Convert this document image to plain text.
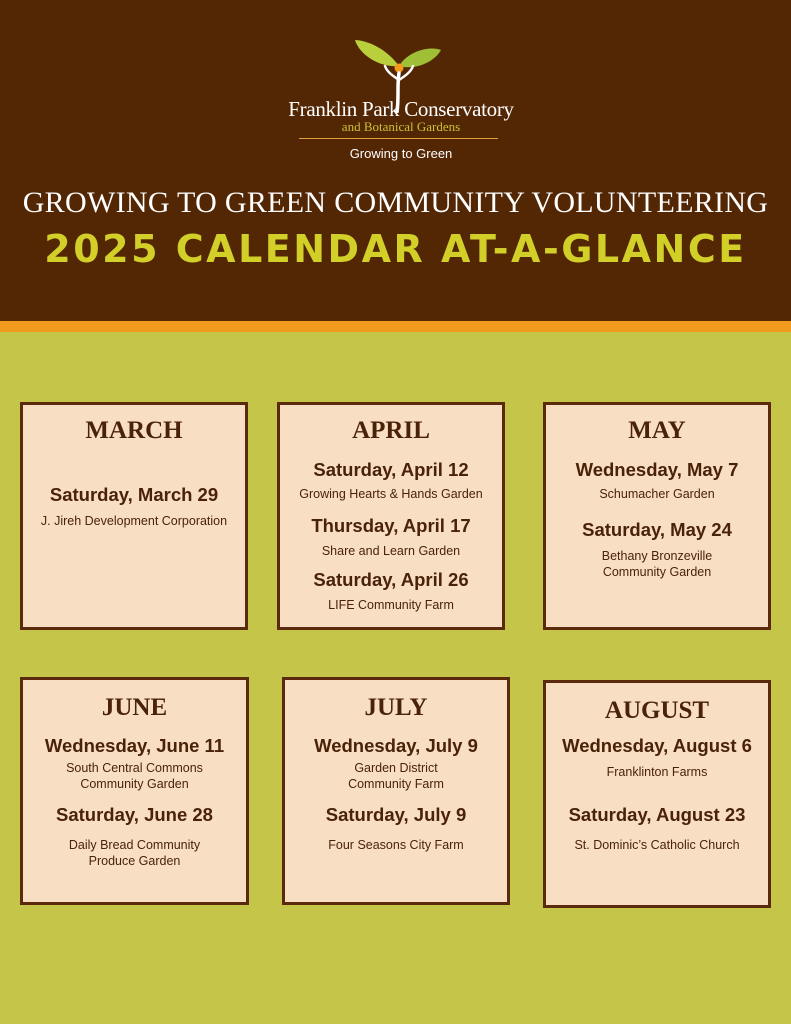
Franklin Park Conservatory
and Botanical Gardens
Growing to Green
GROWING TO GREEN COMMUNITY VOLUNTEERING
2025 CALENDAR AT-A-GLANCE
MARCH
Saturday, March 29
J. Jireh Development Corporation
APRIL
Saturday, April 12
Growing Hearts & Hands Garden
Thursday, April 17
Share and Learn Garden
Saturday, April 26
LIFE Community Farm
MAY
Wednesday, May 7
Schumacher Garden
Saturday, May 24
Bethany Bronzeville
Community Garden
JUNE
Wednesday, June 11
South Central Commons
Community Garden
Saturday, June 28
Daily Bread Community
Produce Garden
JULY
Wednesday, July 9
Garden District
Community Farm
Saturday, July 9
Four Seasons City Farm
AUGUST
Wednesday, August 6
Franklinton Farms
Saturday, August 23
St. Dominic’s Catholic Church
